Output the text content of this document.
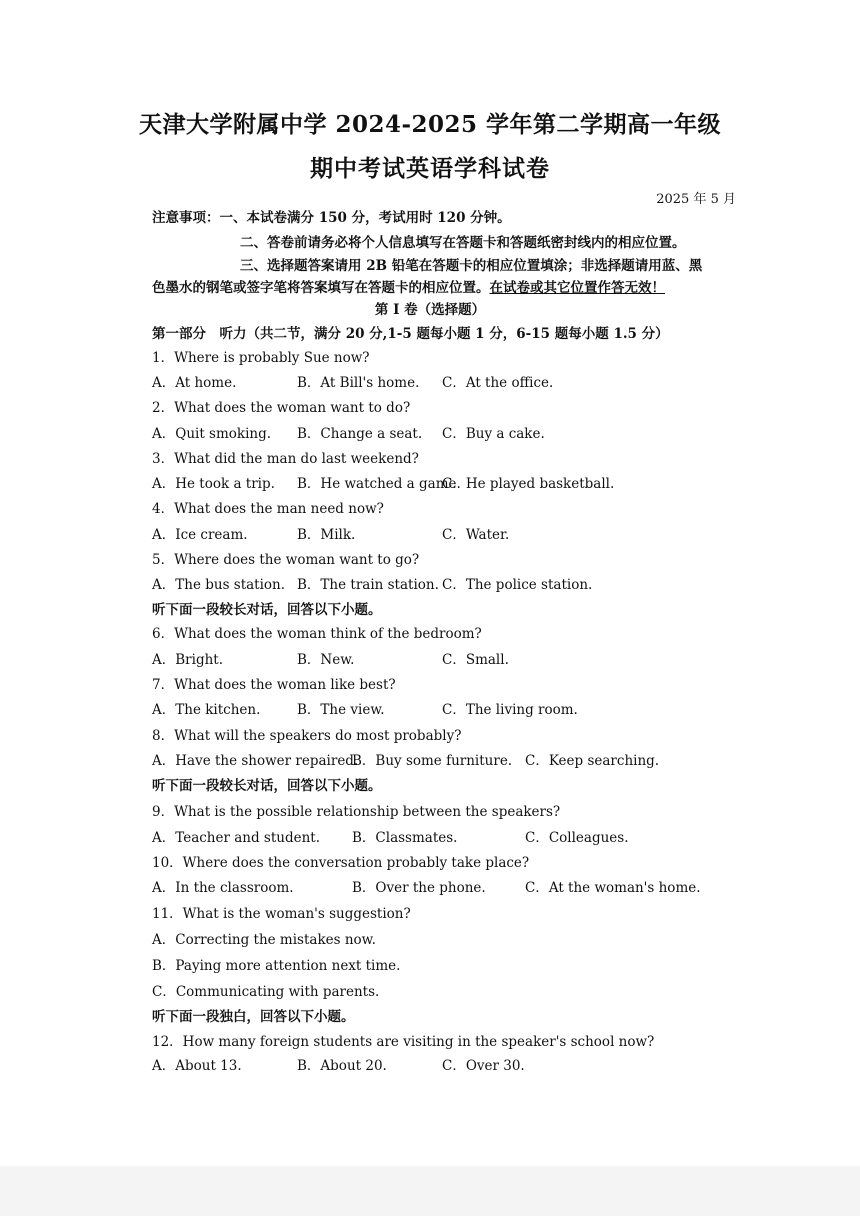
天津大学附属中学 2024-2025 学年第二学期高一年级
期中考试英语学科试卷
2025 年 5 月
注意事项：一、本试卷满分 150 分，考试用时 120 分钟。
二、答卷前请务必将个人信息填写在答题卡和答题纸密封线内的相应位置。
三、选择题答案请用 2B 铅笔在答题卡的相应位置填涂；非选择题请用蓝、黑
色墨水的钢笔或签字笔将答案填写在答题卡的相应位置。在试卷或其它位置作答无效！
第 I 卷（选择题）
第一部分　听力（共二节，满分 20 分,1-5 题每小题 1 分，6-15 题每小题 1.5 分）
1．Where is probably Sue now?
A．At home.	B．At Bill's home. C．At the office.
2．What does the woman want to do?
A．Quit smoking. B．Change a seat. C．Buy a cake.
3．What did the man do last weekend?
A．He took a trip. B．He watched a game.
C．He played basketball.
4．What does the man need now?
A．Ice cream.	B．Milk.	C．Water.
5．Where does the woman want to go?
A．The bus station. B．The train station. C．The police station.
听下面一段较长对话，回答以下小题。
6．What does the woman think of the bedroom?
A．Bright.	B．New.	C．Small.
7．What does the woman like best?
A．The kitchen.	B．The view.	C．The living room.
8．What will the speakers do most probably?
A．Have the shower repaired.
B．Buy some furniture. C．Keep searching.
听下面一段较长对话，回答以下小题。
9．What is the possible relationship between the speakers?
A．Teacher and student. B．Classmates.	C．Colleagues.
10．Where does the conversation probably take place?
A．In the classroom.	B．Over the phone.	C．At the woman's home.
11．What is the woman's suggestion?
A．Correcting the mistakes now.
B．Paying more attention next time.
C．Communicating with parents.
听下面一段独白，回答以下小题。
12．How many foreign students are visiting in the speaker's school now?
A．About 13.	B．About 20.	C．Over 30.
